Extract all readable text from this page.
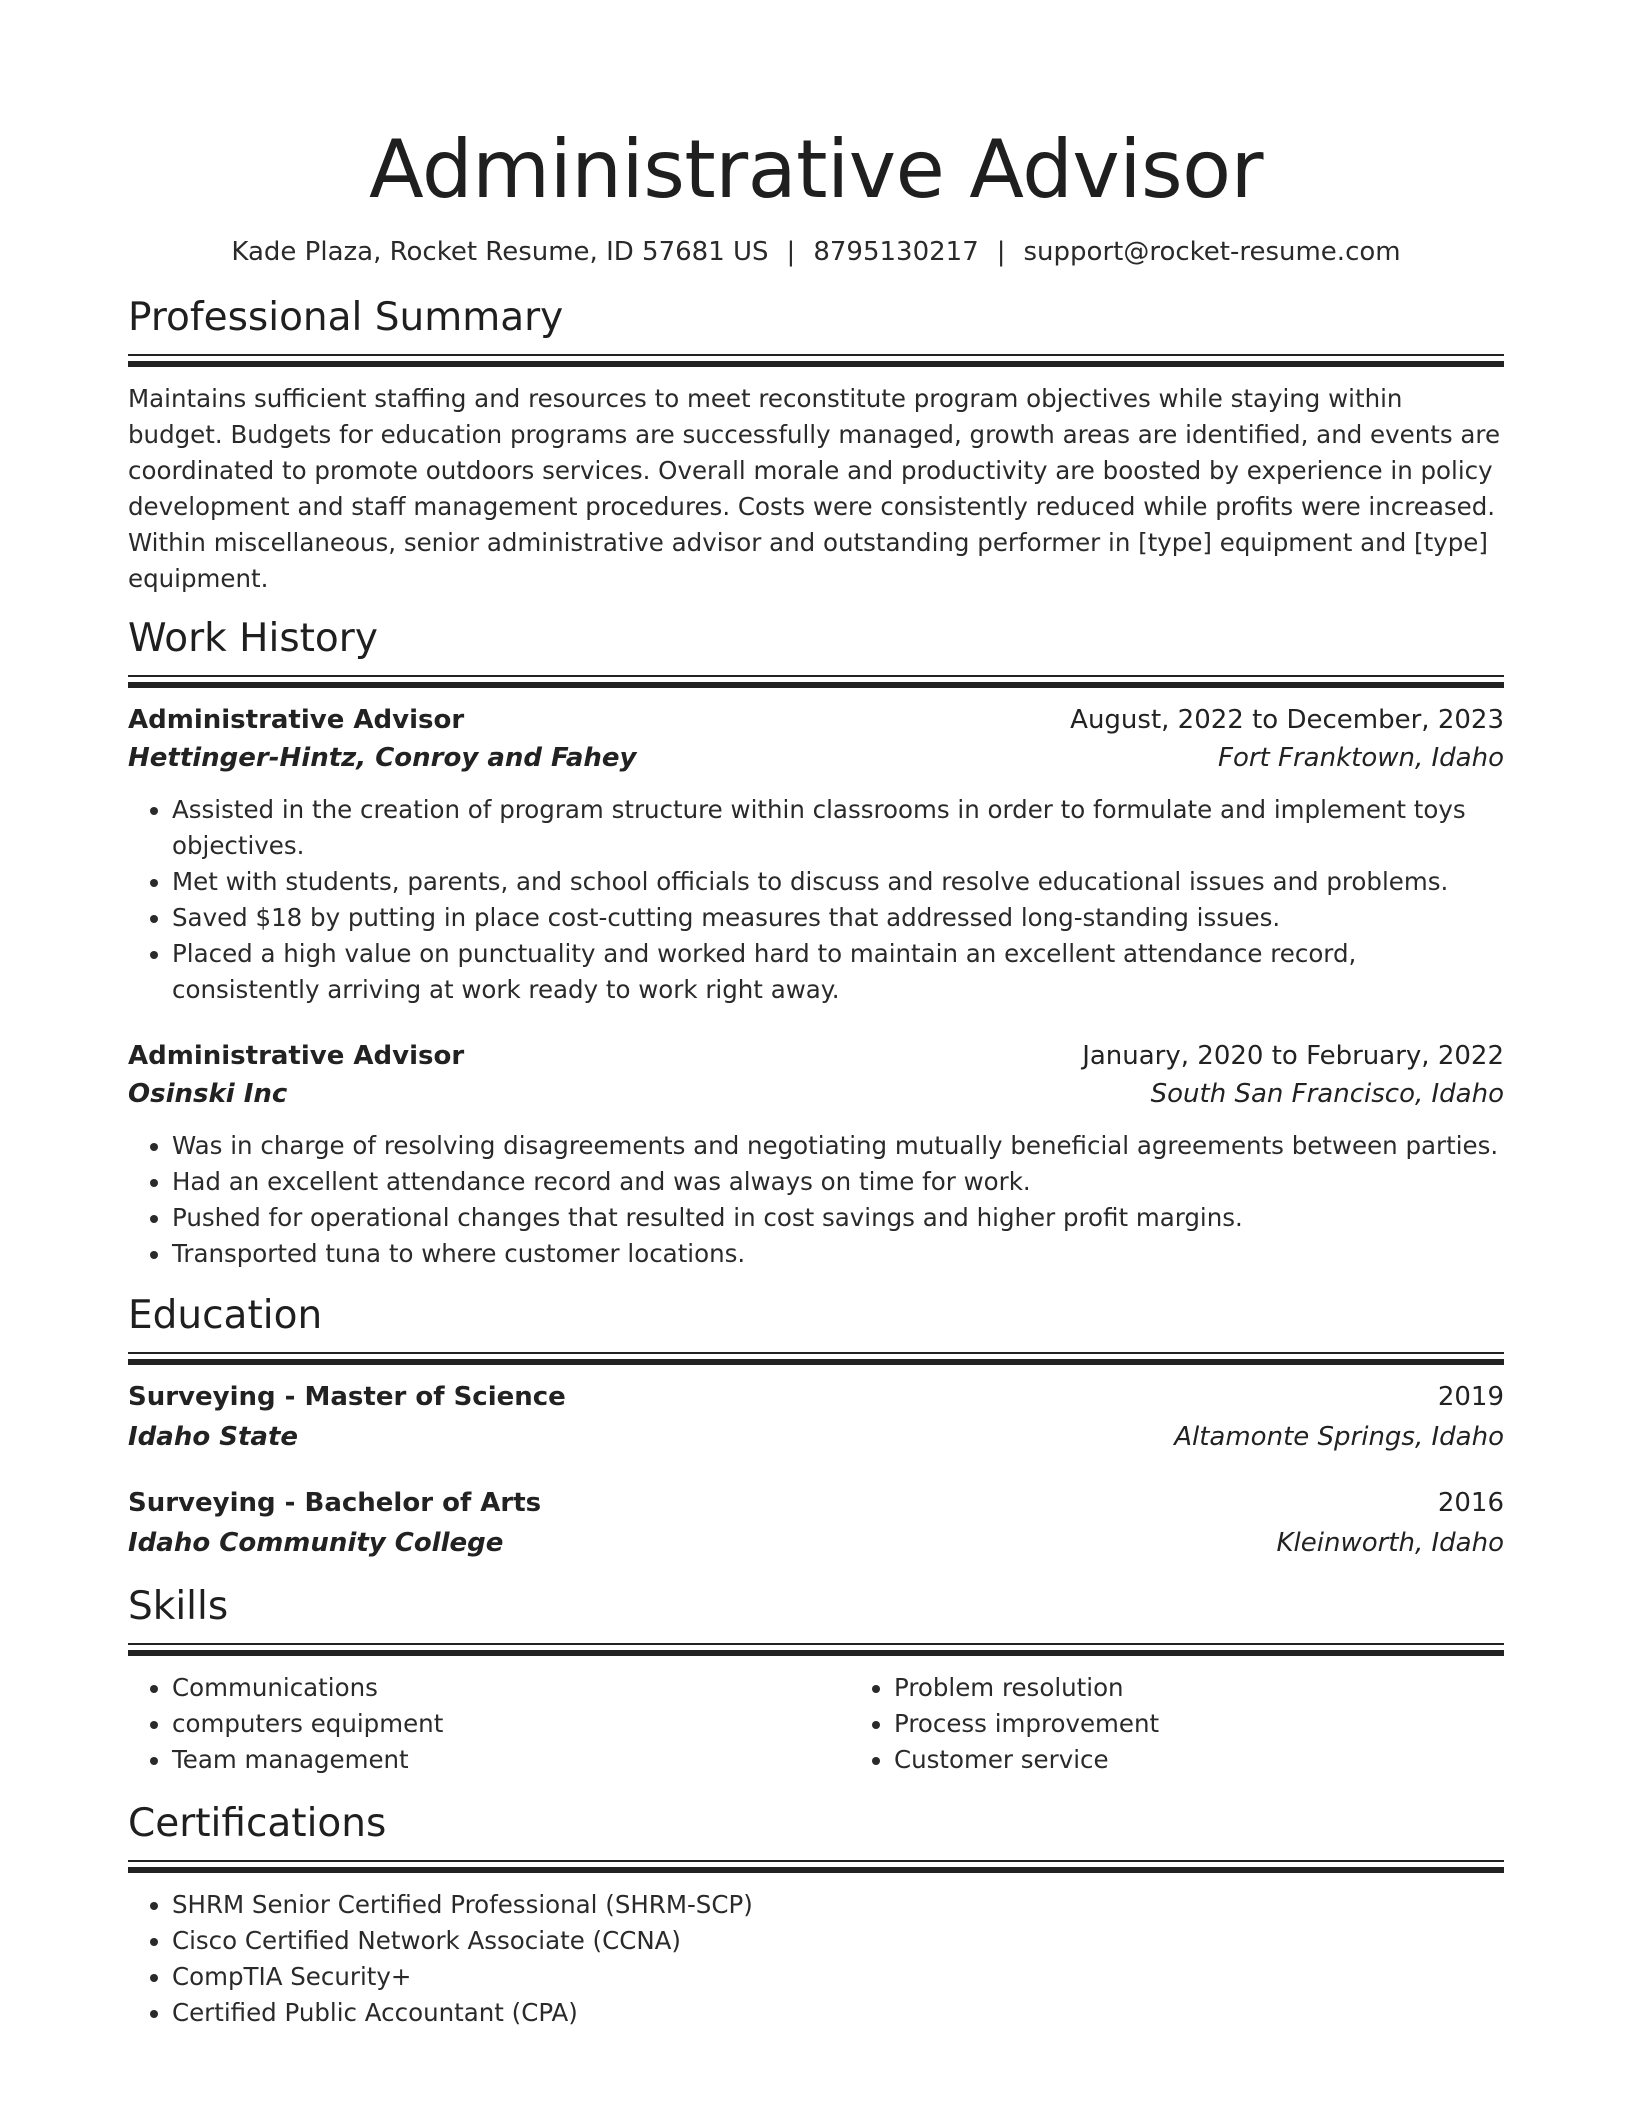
Administrative Advisor
Kade Plaza, Rocket Resume, ID 57681 US | 8795130217 | support@rocket-resume.com
Professional Summary

Maintains sufficient staffing and resources to meet reconstitute program objectives while staying within budget. Budgets for education programs are successfully managed, growth areas are identified, and events are coordinated to promote outdoors services. Overall morale and productivity are boosted by experience in policy development and staff management procedures. Costs were consistently reduced while profits were increased. Within miscellaneous, senior administrative advisor and outstanding performer in [type] equipment and [type] equipment.

Work History
Administrative Advisor	August, 2022 to December, 2023
Hettinger-Hintz, Conroy and Fahey	Fort Franktown, Idaho
• Assisted in the creation of program structure within classrooms in order to formulate and implement toys objectives.
• Met with students, parents, and school officials to discuss and resolve educational issues and problems.
• Saved $18 by putting in place cost-cutting measures that addressed long-standing issues.
• Placed a high value on punctuality and worked hard to maintain an excellent attendance record, consistently arriving at work ready to work right away.
Administrative Advisor	January, 2020 to February, 2022
Osinski Inc	South San Francisco, Idaho
• Was in charge of resolving disagreements and negotiating mutually beneficial agreements between parties.
• Had an excellent attendance record and was always on time for work.
• Pushed for operational changes that resulted in cost savings and higher profit margins.
• Transported tuna to where customer locations.
Education
Surveying - Master of Science	2019
Idaho State	Altamonte Springs, Idaho
Surveying - Bachelor of Arts	2016
Idaho Community College	Kleinworth, Idaho
Skills
• Communications
• computers equipment
• Team management
• Problem resolution
• Process improvement
• Customer service
Certifications
• SHRM Senior Certified Professional (SHRM-SCP)
• Cisco Certified Network Associate (CCNA)
• CompTIA Security+
• Certified Public Accountant (CPA)
